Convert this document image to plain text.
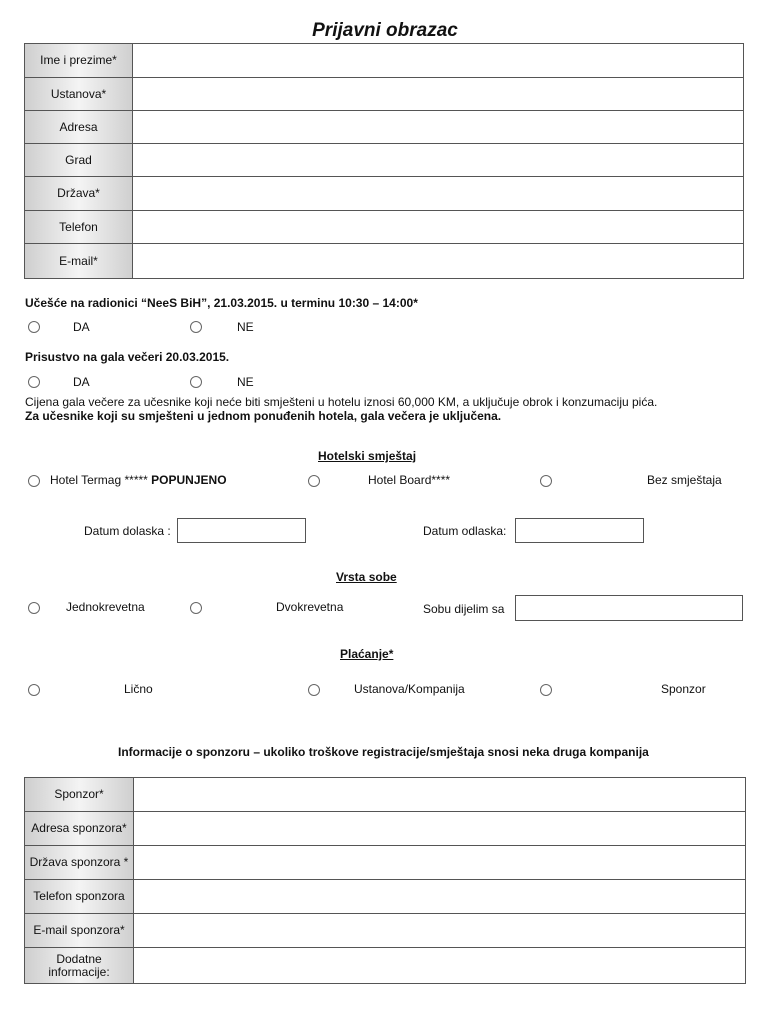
Prijavni obrazac
Ime i prezime*	
Ustanova*	
Adresa	
Grad	
Država*	
Telefon	
E-mail*	
Učešće na radionici “NeeS BiH”, 21.03.2015. u terminu 10:30 – 14:00*
DA	NE
Prisustvo na gala večeri 20.03.2015.
DA	NE
Cijena gala večere za učesnike koji neće biti smješteni u hotelu iznosi 60,000 KM, a uključuje obrok i konzumaciju pića.
Za učesnike koji su smješteni u jednom ponuđenih hotela, gala večera je uključena.
Hotelski smještaj
Hotel Termag ***** POPUNJENO	Hotel Board****	Bez smještaja
Datum dolaska :	Datum odlaska:
Vrsta sobe
Jednokrevetna	Dvokrevetna	Sobu dijelim sa
Plaćanje*
Lično	Ustanova/Kompanija	Sponzor
Informacije o sponzoru – ukoliko troškove registracije/smještaja snosi neka druga kompanija
Sponzor*	
Adresa sponzora*	
Država sponzora *	
Telefon sponzora	
E-mail sponzora*	
Dodatne
informacije:	
